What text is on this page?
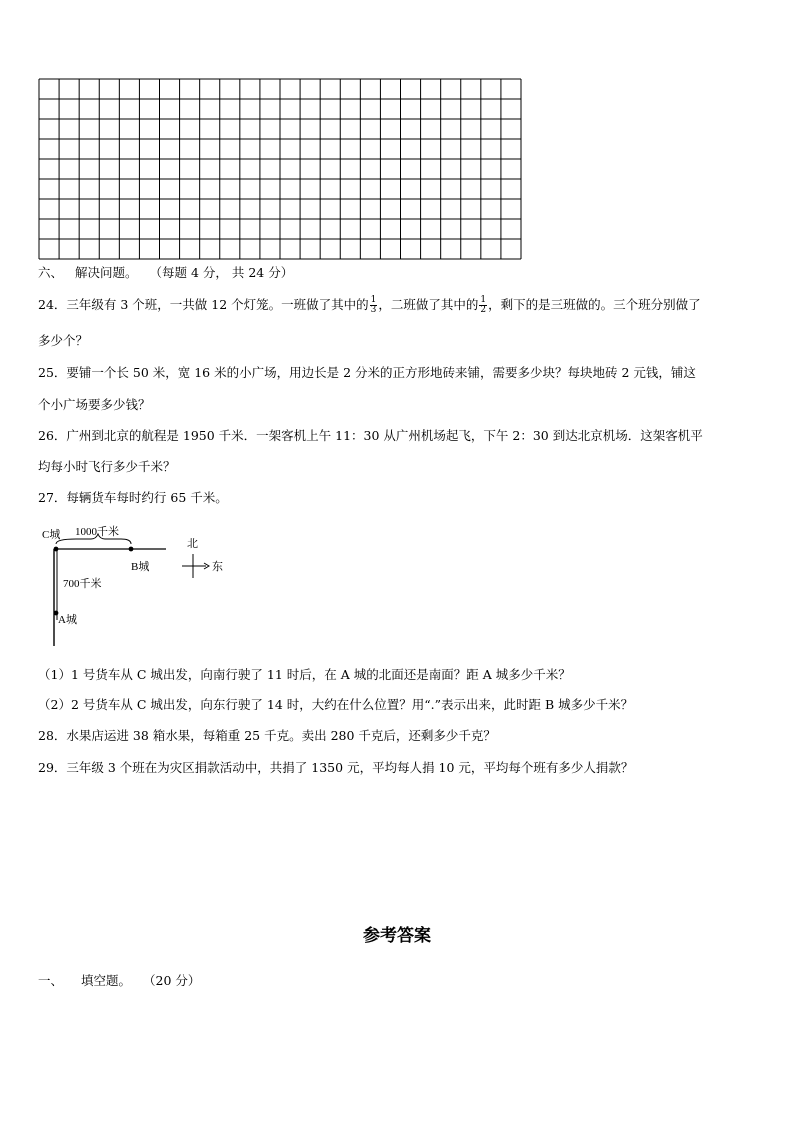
六、 解决问题。 （每题 4 分， 共 24 分）
24．三年级有 3 个班，一共做 12 个灯笼。一班做了其中的 $\frac{1}{3}$ ，二班做了其中的 $\frac{1}{2}$ ，剩下的是三班做的。三个班分别做了
多少个？
25．要铺一个长 50 米，宽 16 米的小广场，用边长是 2 分米的正方形地砖来铺，需要多少块？每块地砖 2 元钱，铺这
个小广场要多少钱？
26．广州到北京的航程是 1950 千米．一架客机上午 11：30 从广州机场起飞，下午 2：30 到达北京机场．这架客机平
均每小时飞行多少千米？
27．每辆货车每时约行 65 千米。
C城 1000千米
B城
700千米
A城
北
东
（1）1 号货车从 C 城出发，向南行驶了 11 时后，在 A 城的北面还是南面？距 A 城多少千米？
（2）2 号货车从 C 城出发，向东行驶了 14 时，大约在什么位置？用“.”表示出来，此时距 B 城多少千米？
28．水果店运进 38 箱水果，每箱重 25 千克。卖出 280 千克后，还剩多少千克？
29．三年级 3 个班在为灾区捐款活动中，共捐了 1350 元，平均每人捐 10 元，平均每个班有多少人捐款？
参考答案
一、 填空题。 （20 分）
